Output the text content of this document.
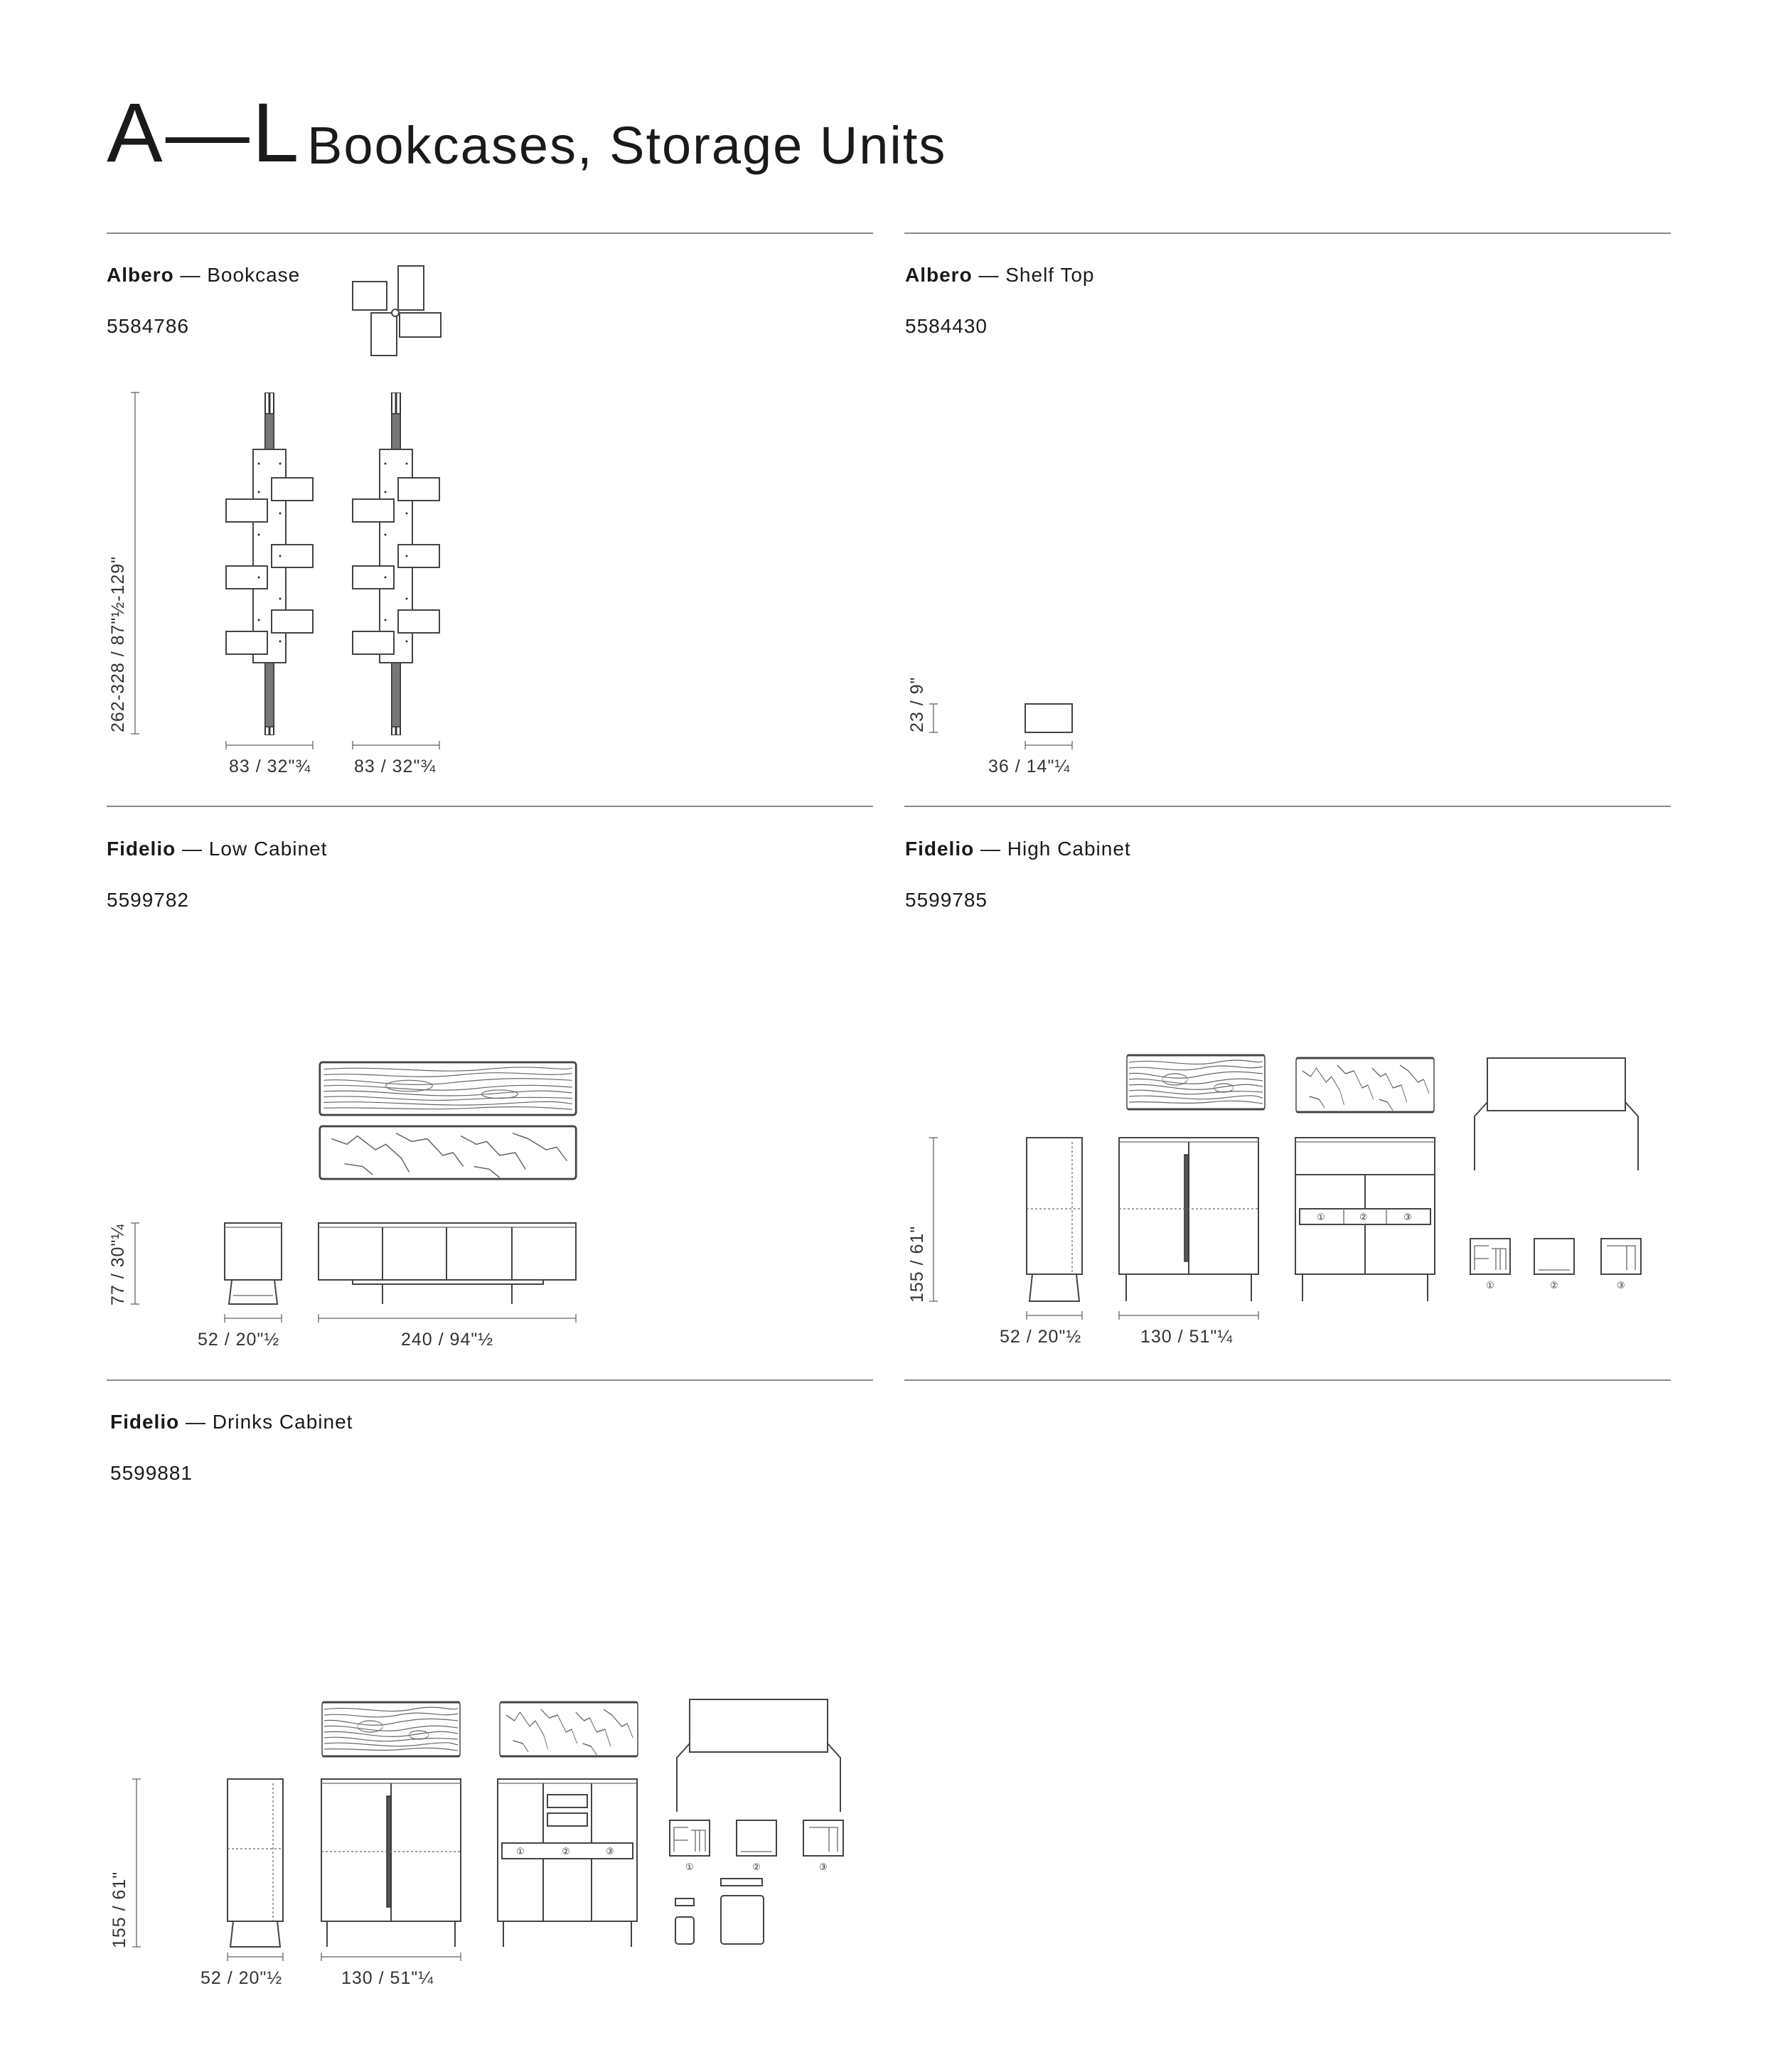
A—L Bookcases, Storage Units
Albero — Bookcase
5584786
Albero — Shelf Top
5584430
Fidelio — Low Cabinet
5599782
Fidelio — High Cabinet
5599785
Fidelio — Drinks Cabinet
5599881
262-328 / 87"½-129"
83 / 32"¾ 83 / 32"¾
23 / 9"
36 / 14"¼
77 / 30"¼
52 / 20"½	240 / 94"½
①	②	③
①	②	③
155 / 61"
52 / 20"½	130 / 51"¼
①	②	③
①	②	③
155 / 61"
52 / 20"½	130 / 51"¼
